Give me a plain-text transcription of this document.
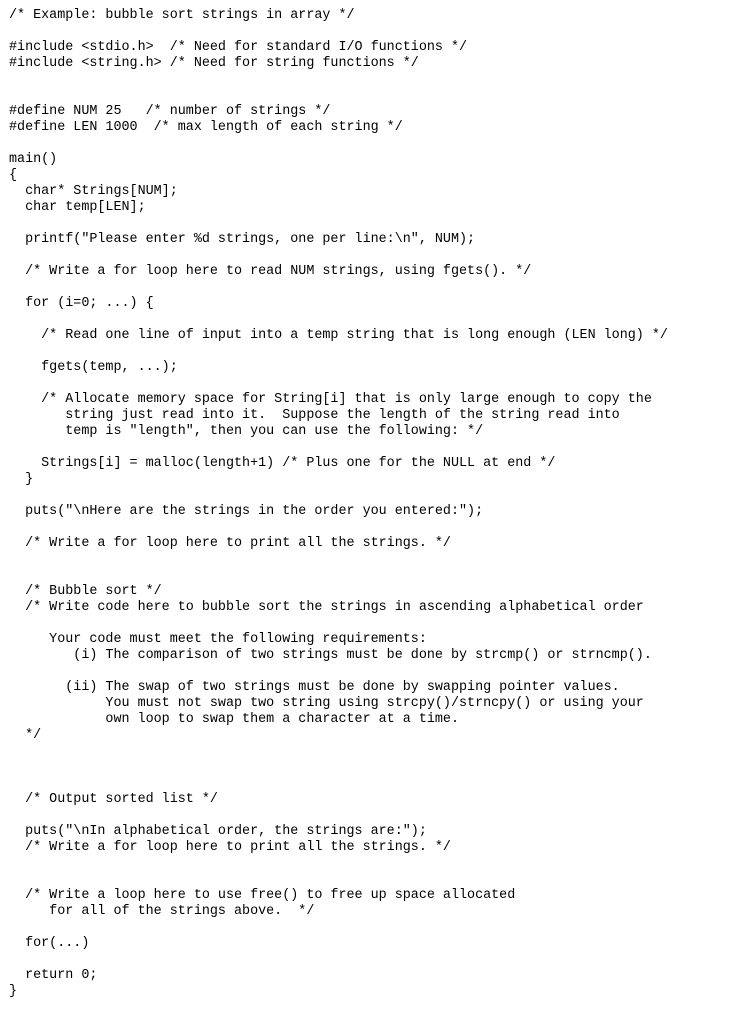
/* Example: bubble sort strings in array */
#include <stdio.h>  /* Need for standard I/O functions */
#include <string.h> /* Need for string functions */
#define NUM 25   /* number of strings */
#define LEN 1000  /* max length of each string */
main()
{
char* Strings[NUM];
char temp[LEN];
printf("Please enter %d strings, one per line:\n", NUM);
/* Write a for loop here to read NUM strings, using fgets(). */
for (i=0; ...) {
/* Read one line of input into a temp string that is long enough (LEN long) */
fgets(temp, ...);
/* Allocate memory space for String[i] that is only large enough to copy the
string just read into it.  Suppose the length of the string read into
temp is "length", then you can use the following: */
Strings[i] = malloc(length+1) /* Plus one for the NULL at end */
}
puts("\nHere are the strings in the order you entered:");
/* Write a for loop here to print all the strings. */
/* Bubble sort */
/* Write code here to bubble sort the strings in ascending alphabetical order
Your code must meet the following requirements:
(i) The comparison of two strings must be done by strcmp() or strncmp().
(ii) The swap of two strings must be done by swapping pointer values.
You must not swap two string using strcpy()/strncpy() or using your
own loop to swap them a character at a time.
*/
/* Output sorted list */
puts("\nIn alphabetical order, the strings are:");
/* Write a for loop here to print all the strings. */
/* Write a loop here to use free() to free up space allocated
for all of the strings above.  */
for(...)
return 0;
}
